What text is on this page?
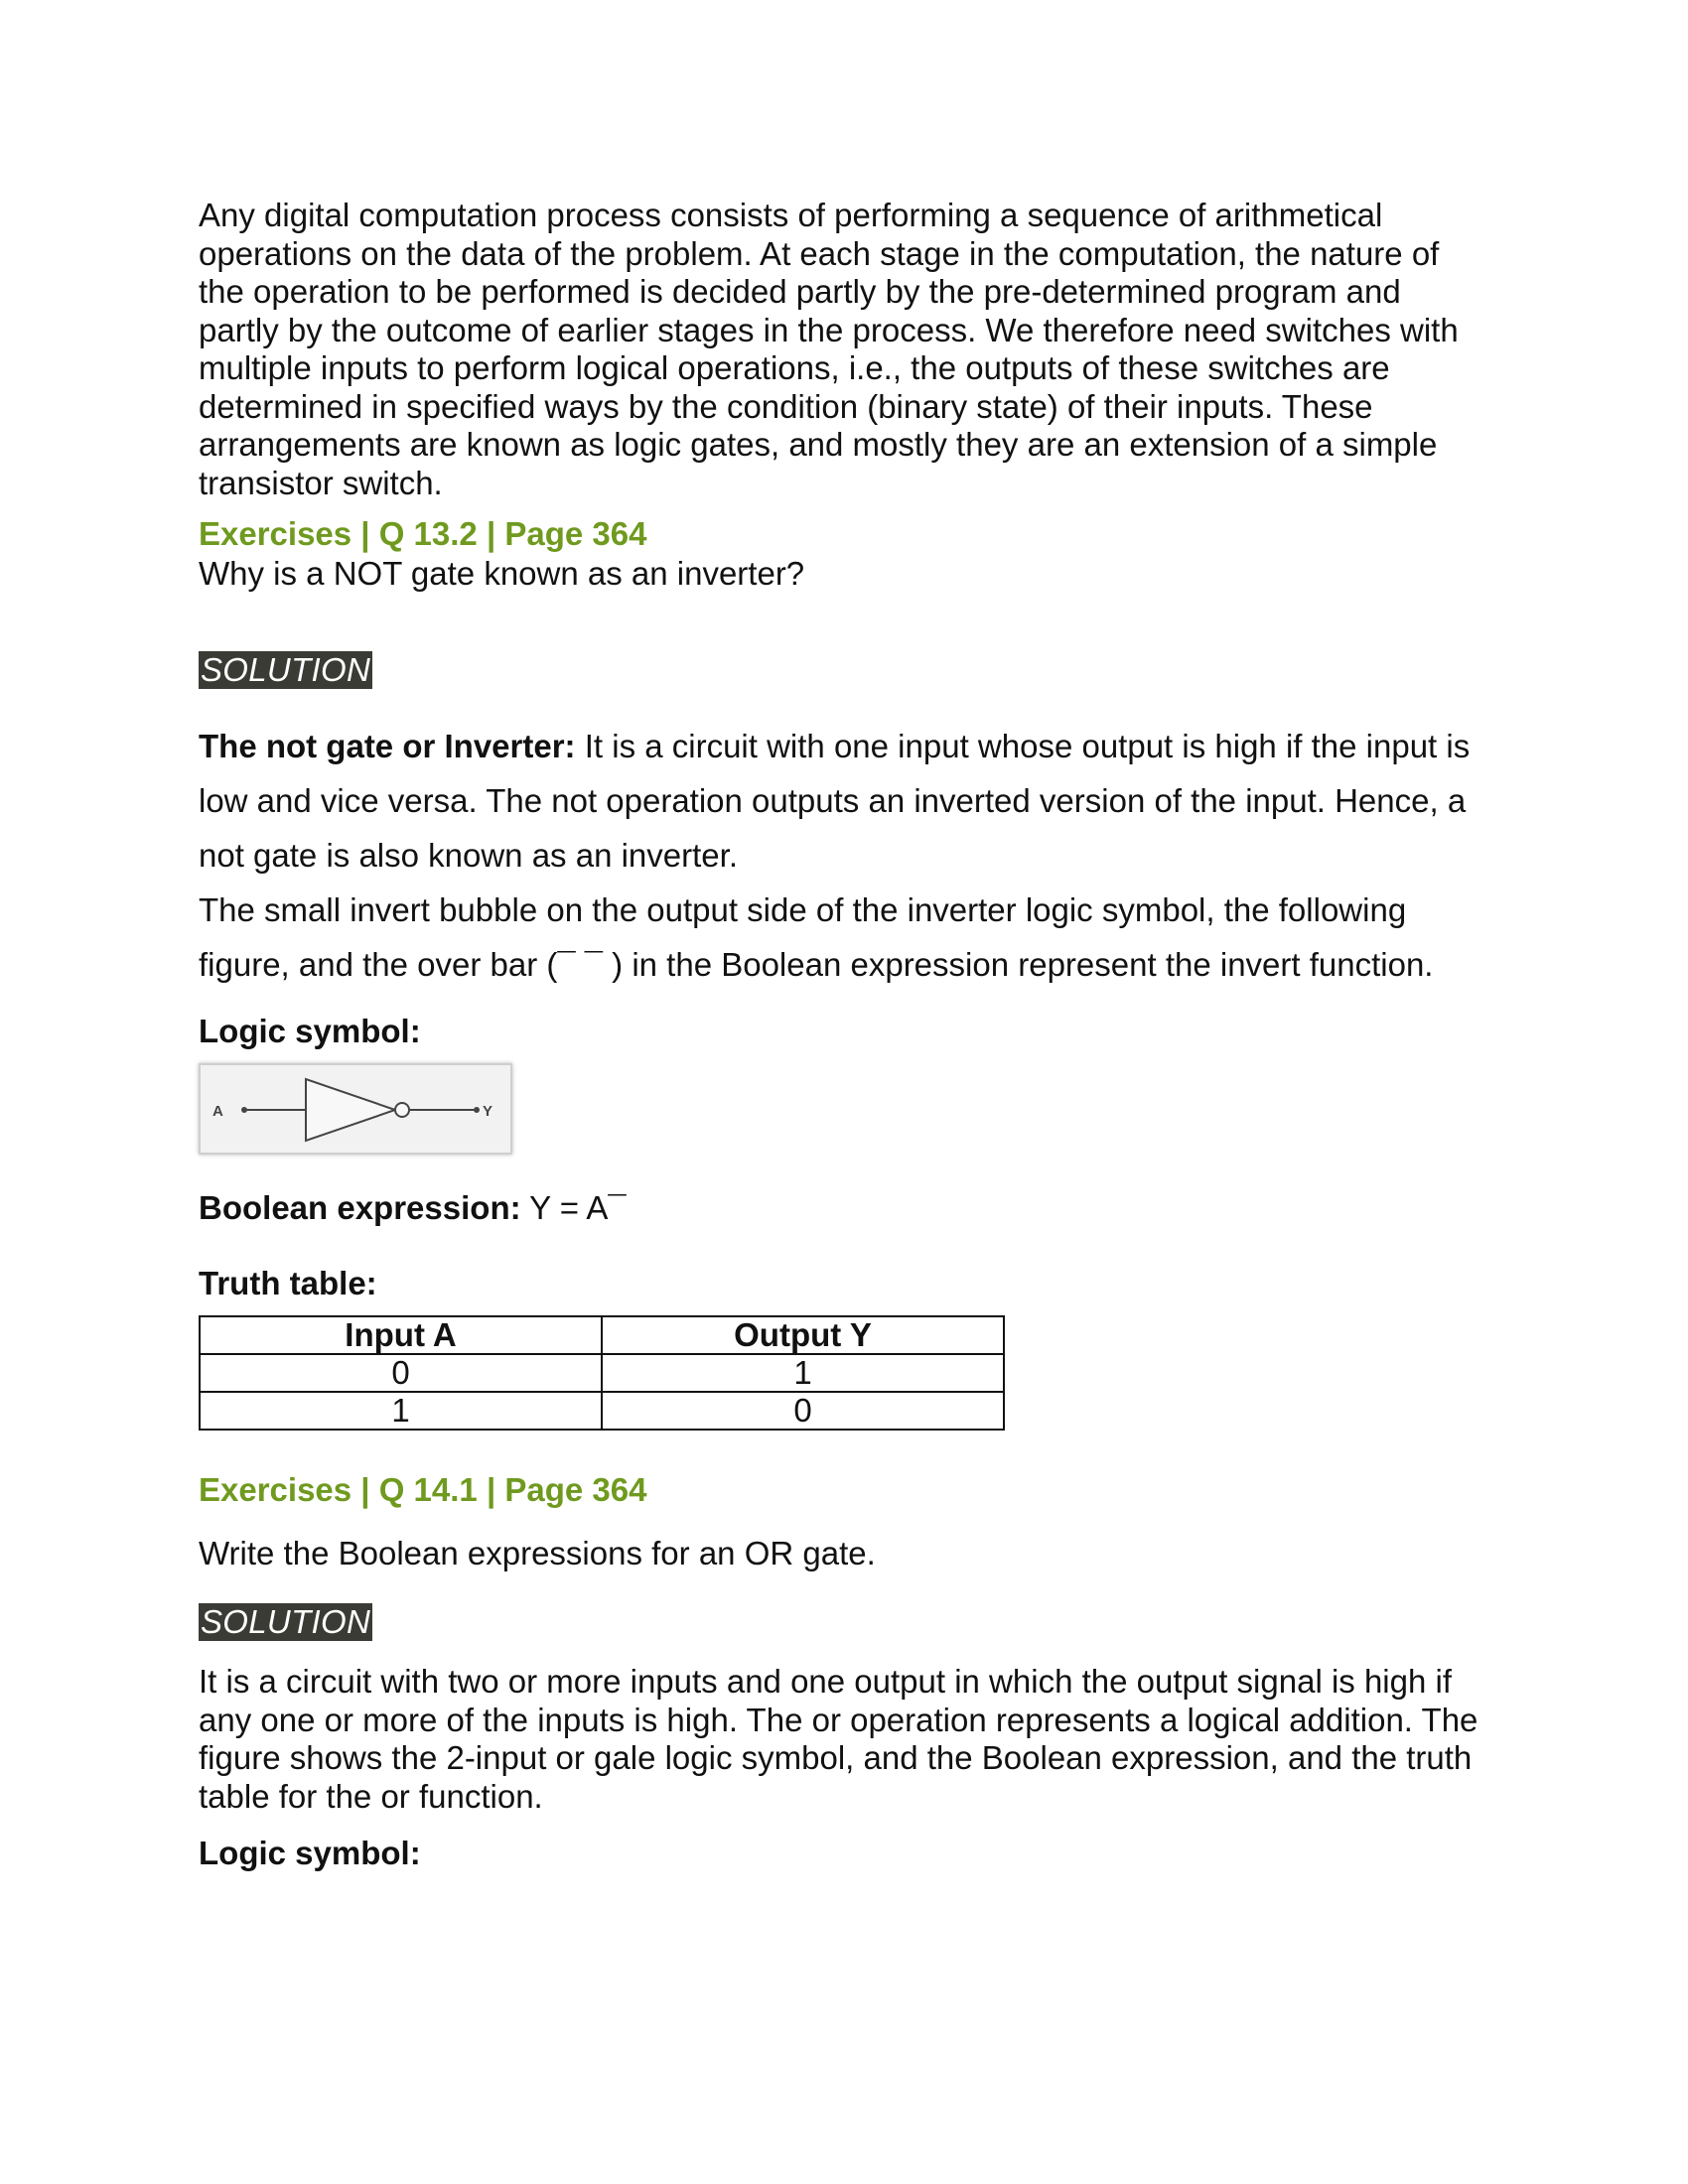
Any digital computation process consists of performing a sequence of arithmetical operations on the data of the problem. At each stage in the computation, the nature of the operation to be performed is decided partly by the pre-determined program and partly by the outcome of earlier stages in the process. We therefore need switches with multiple inputs to perform logical operations, i.e., the outputs of these switches are determined in specified ways by the condition (binary state) of their inputs. These arrangements are known as logic gates, and mostly they are an extension of a simple transistor switch.

Exercises | Q 13.2 | Page 364

Why is a NOT gate known as an inverter?

SOLUTION

The not gate or Inverter: It is a circuit with one input whose output is high if the input is low and vice versa. The not operation outputs an inverted version of the input. Hence, a not gate is also known as an inverter.

The small invert bubble on the output side of the inverter logic symbol, the following figure, and the over bar (¯ ¯ ) in the Boolean expression represent the invert function.

Logic symbol:

A	Y

Boolean expression: Y = A¯

Truth table:

Input A	Output Y
0	1
1	0

Exercises | Q 14.1 | Page 364

Write the Boolean expressions for an OR gate.

SOLUTION

It is a circuit with two or more inputs and one output in which the output signal is high if any one or more of the inputs is high. The or operation represents a logical addition. The figure shows the 2-input or gale logic symbol, and the Boolean expression, and the truth table for the or function.

Logic symbol:
